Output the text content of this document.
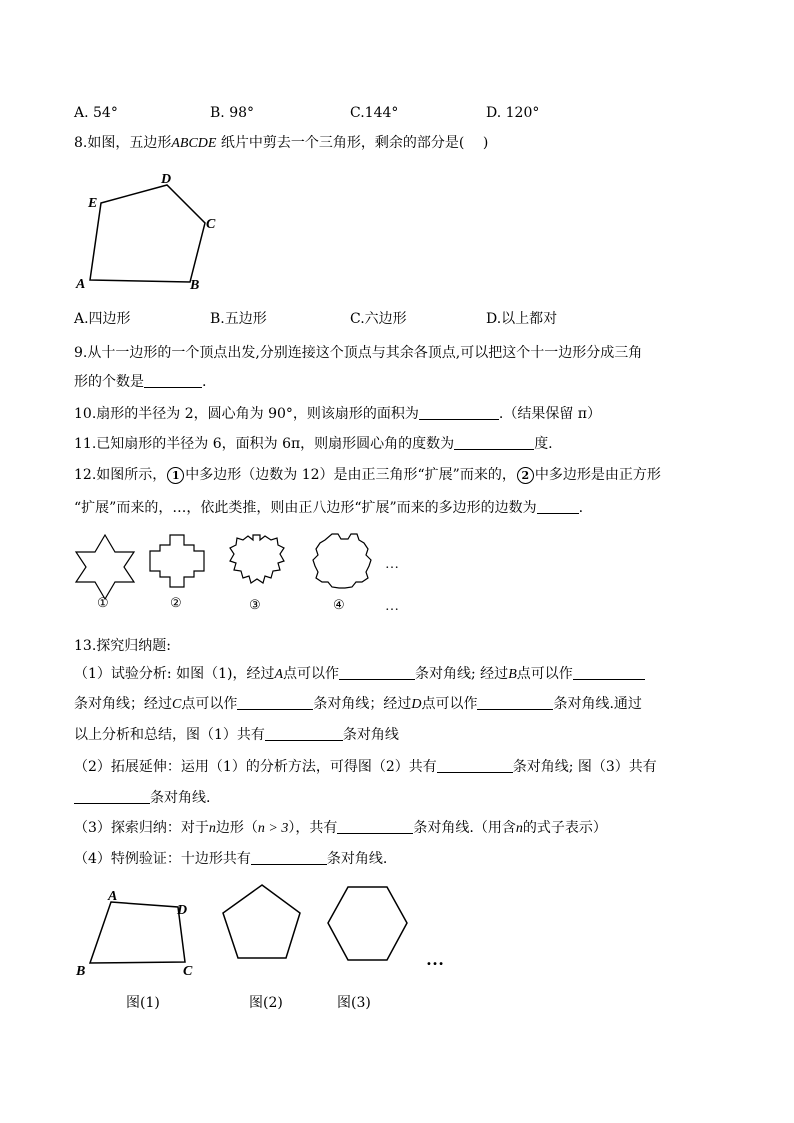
A. 54°	B. 98°	C.144°	D. 120°
8.如图，五边形ABCDE 纸片中剪去一个三角形，剩余的部分是(　 )
A	B
C
D
E
A.四边形	B.五边形	C.六边形	D.以上都对
9.从十一边形的一个顶点出发,分别连接这个顶点与其余各顶点,可以把这个十一边形分成三角
形的个数是	.
10.扇形的半径为 2，圆心角为 90°，则该扇形的面积为	.（结果保留 π）
11.已知扇形的半径为 6，面积为 6π，则扇形圆心角的度数为	度.
12.如图所示， 1 中多边形（边数为 12）是由正三角形“扩展”而来的， 2 中多边形是由正方形
“扩展”而来的，…，依此类推，则由正八边形“扩展”而来的多边形的边数为	.
①	②	③	④
…
…
13.探究归纳题:
（1）试验分析: 如图（1)，经过A点可以作	条对角线; 经过B点可以作
条对角线；经过C点可以作	条对角线；经过D点可以作	条对角线.通过
以上分析和总结，图（1）共有	条对角线
（2）拓展延伸：运用（1）的分析方法，可得图（2）共有	条对角线; 图（3）共有
条对角线.
（3）探索归纳：对于n边形（n > 3），共有	条对角线.（用含n的式子表示）
（4）特例验证：十边形共有	条对角线.
A
B	C
D
…
图(1)	图(2)	图(3)
